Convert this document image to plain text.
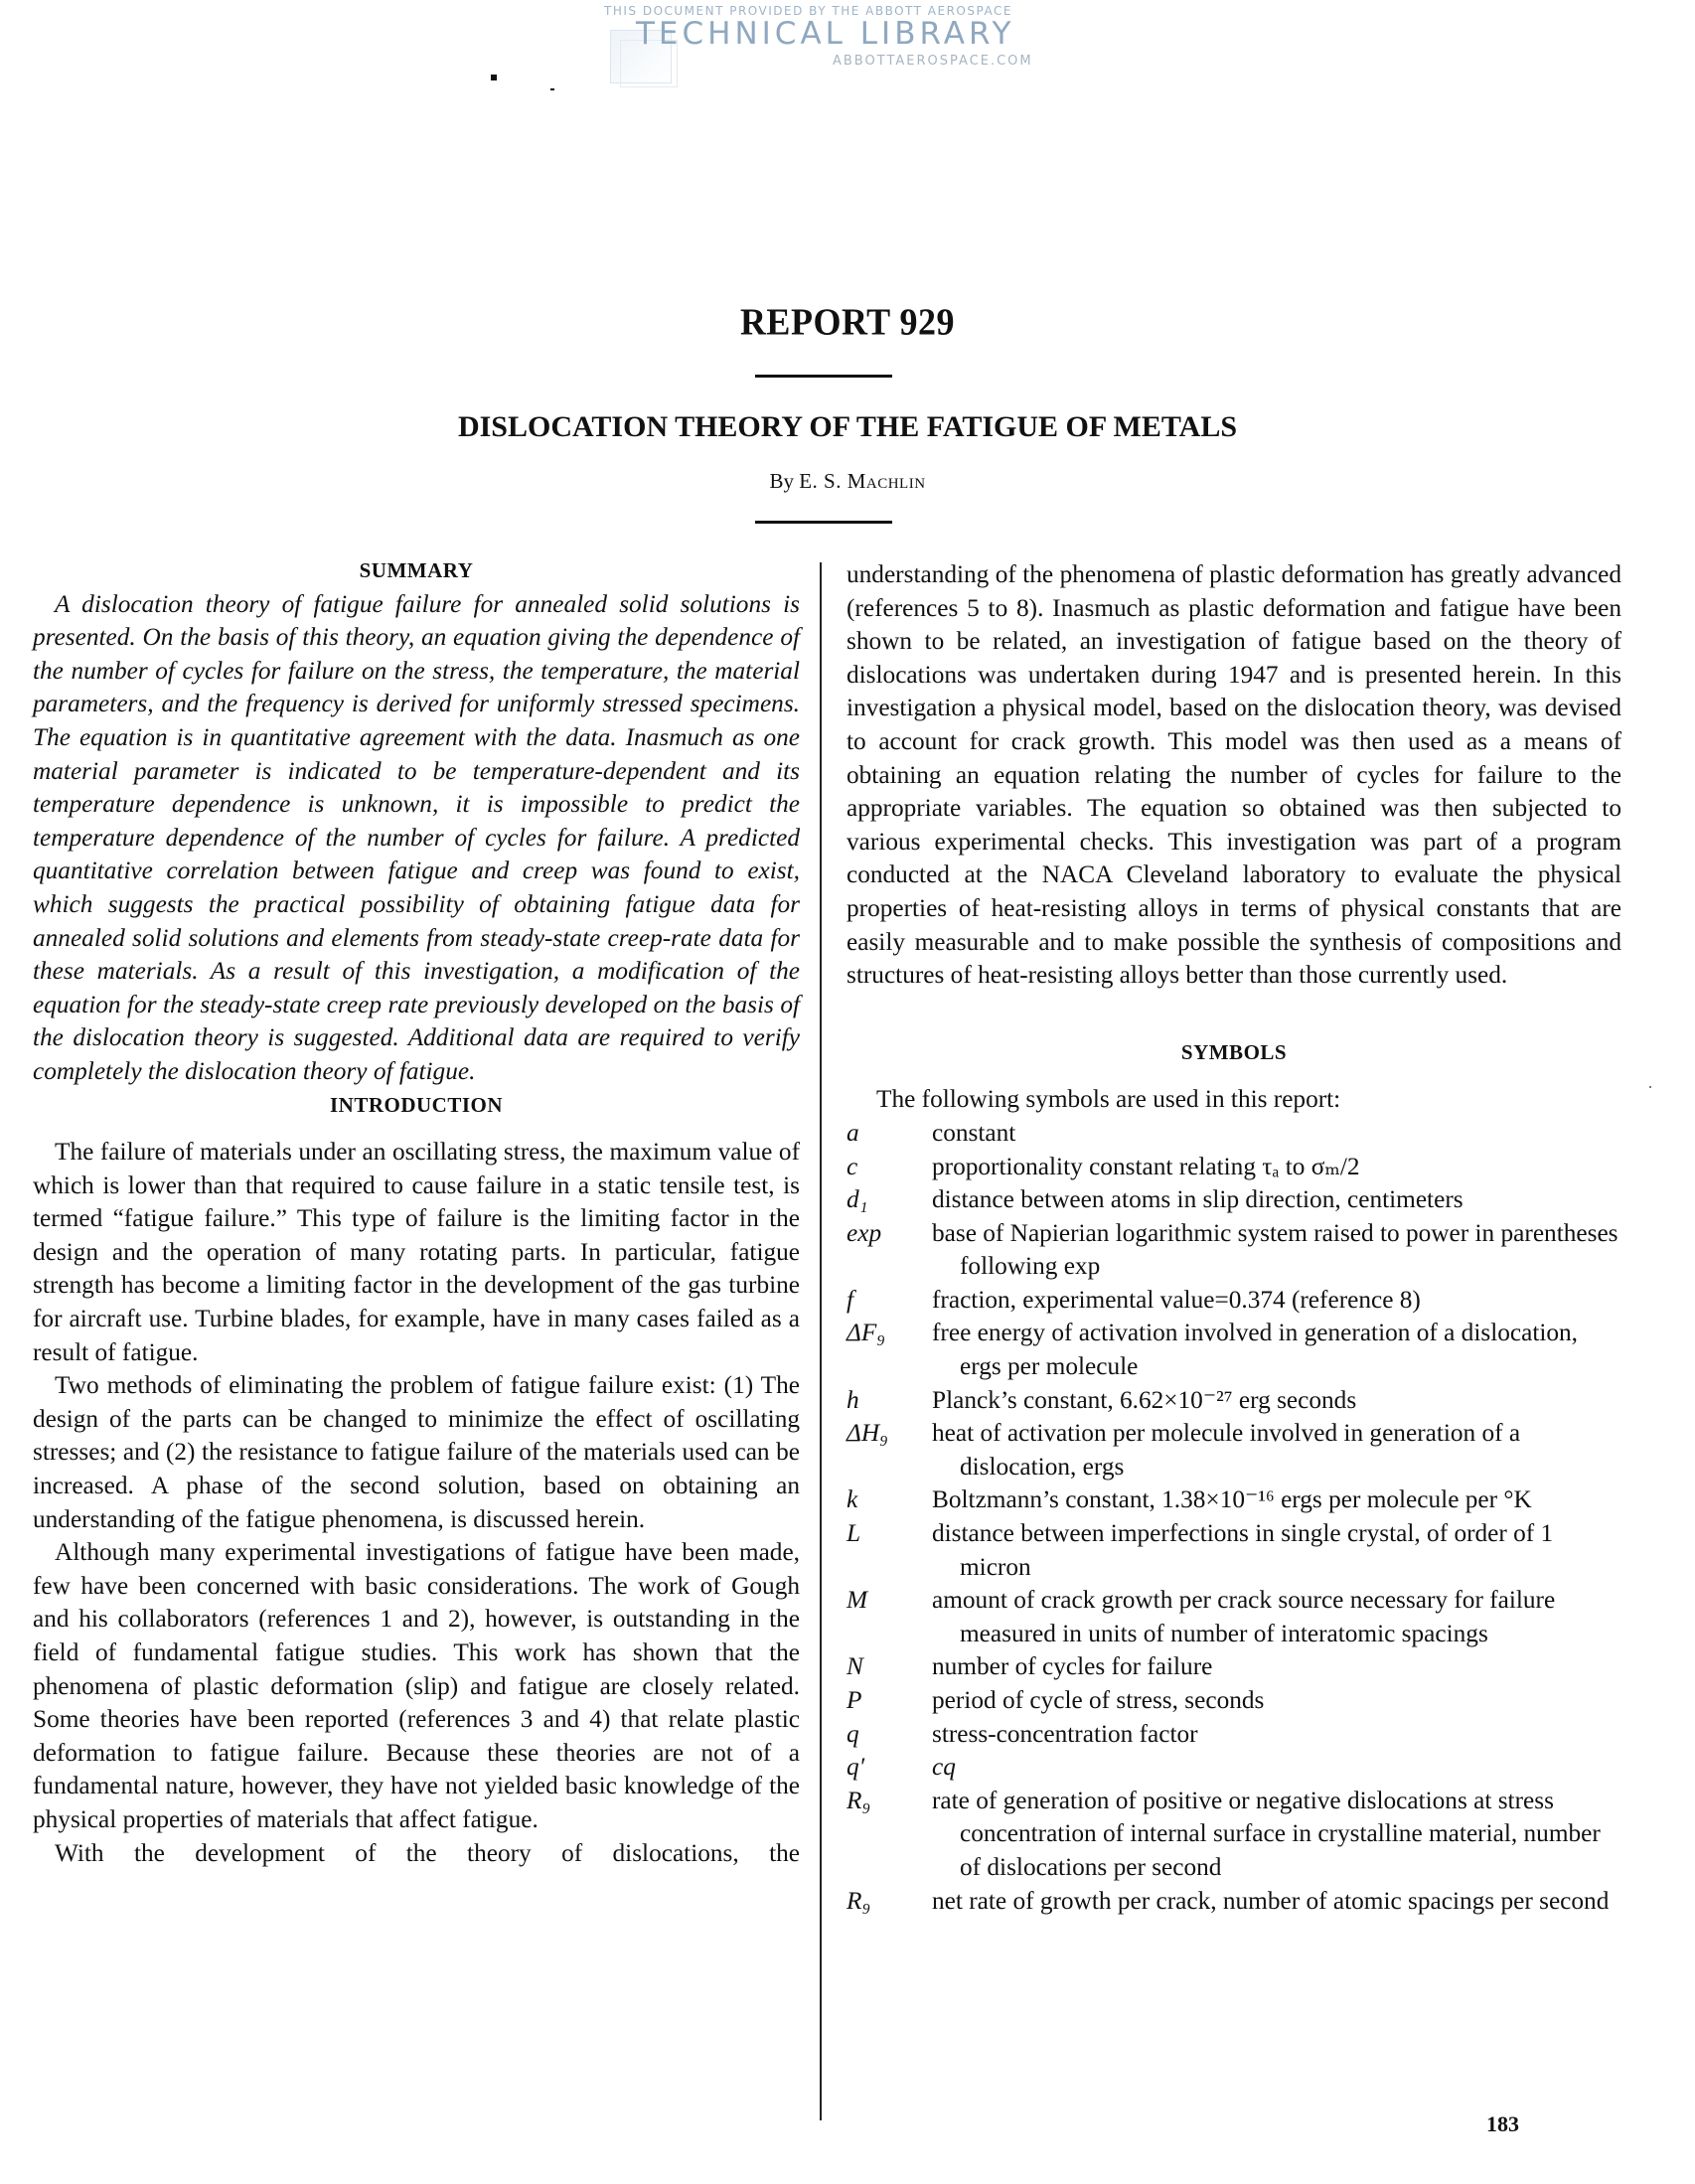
THIS DOCUMENT PROVIDED BY THE ABBOTT AEROSPACE
TECHNICAL LIBRARY
ABBOTTAEROSPACE.COM
REPORT 929
DISLOCATION THEORY OF THE FATIGUE OF METALS
By E. S. Machlin
SUMMARY

A dislocation theory of fatigue failure for annealed solid solutions is presented. On the basis of this theory, an equation giving the dependence of the number of cycles for failure on the stress, the temperature, the material parameters, and the frequency is derived for uniformly stressed specimens. The equation is in quantitative agreement with the data. Inasmuch as one material parameter is indicated to be temperature-dependent and its temperature dependence is unknown, it is impossible to predict the temperature dependence of the number of cycles for failure. A predicted quantitative correlation between fatigue and creep was found to exist, which suggests the practical possibility of obtaining fatigue data for annealed solid solutions and elements from steady-state creep-rate data for these materials. As a result of this investigation, a modification of the equation for the steady-state creep rate previously developed on the basis of the dislocation theory is suggested. Additional data are required to verify completely the dislocation theory of fatigue.

INTRODUCTION

The failure of materials under an oscillating stress, the maximum value of which is lower than that required to cause failure in a static tensile test, is termed “fatigue failure.” This type of failure is the limiting factor in the design and the operation of many rotating parts. In particular, fatigue strength has become a limiting factor in the development of the gas turbine for aircraft use. Turbine blades, for example, have in many cases failed as a result of fatigue.

Two methods of eliminating the problem of fatigue failure exist: (1) The design of the parts can be changed to minimize the effect of oscillating stresses; and (2) the resistance to fatigue failure of the materials used can be increased. A phase of the second solution, based on obtaining an understanding of the fatigue phenomena, is discussed herein.

Although many experimental investigations of fatigue have been made, few have been concerned with basic considerations. The work of Gough and his collaborators (references 1 and 2), however, is outstanding in the field of fundamental fatigue studies. This work has shown that the phenomena of plastic deformation (slip) and fatigue are closely related. Some theories have been reported (references 3 and 4) that relate plastic deformation to fatigue failure. Because these theories are not of a fundamental nature, however, they have not yielded basic knowledge of the physical properties of materials that affect fatigue.

With the development of the theory of dislocations, the

understanding of the phenomena of plastic deformation has greatly advanced (references 5 to 8). Inasmuch as plastic deformation and fatigue have been shown to be related, an investigation of fatigue based on the theory of dislocations was undertaken during 1947 and is presented herein. In this investigation a physical model, based on the dislocation theory, was devised to account for crack growth. This model was then used as a means of obtaining an equation relating the number of cycles for failure to the appropriate variables. The equation so obtained was then subjected to various experimental checks. This investigation was part of a program conducted at the NACA Cleveland laboratory to evaluate the physical properties of heat-resisting alloys in terms of physical constants that are easily measurable and to make possible the synthesis of compositions and structures of heat-resisting alloys better than those currently used.

SYMBOLS

The following symbols are used in this report:

a	constant
c	proportionality constant relating τₐ to σₘ/2
d₁	distance between atoms in slip direction, centimeters
exp	base of Napierian logarithmic system raised to power in parentheses following exp
f	fraction, experimental value=0.374 (reference 8)
ΔF₉	free energy of activation involved in generation of a dislocation, ergs per molecule
h	Planck’s constant, 6.62×10⁻²⁷ erg seconds
ΔH₉	heat of activation per molecule involved in generation of a dislocation, ergs
k	Boltzmann’s constant, 1.38×10⁻¹⁶ ergs per molecule per °K
L	distance between imperfections in single crystal, of order of 1 micron
M	amount of crack growth per crack source necessary for failure measured in units of number of interatomic spacings
N	number of cycles for failure
P	period of cycle of stress, seconds
q	stress-concentration factor
q′	cq
R₉	rate of generation of positive or negative dislocations at stress concentration of internal surface in crystalline material, number of dislocations per second
R₉	net rate of growth per crack, number of atomic spacings per second
183
